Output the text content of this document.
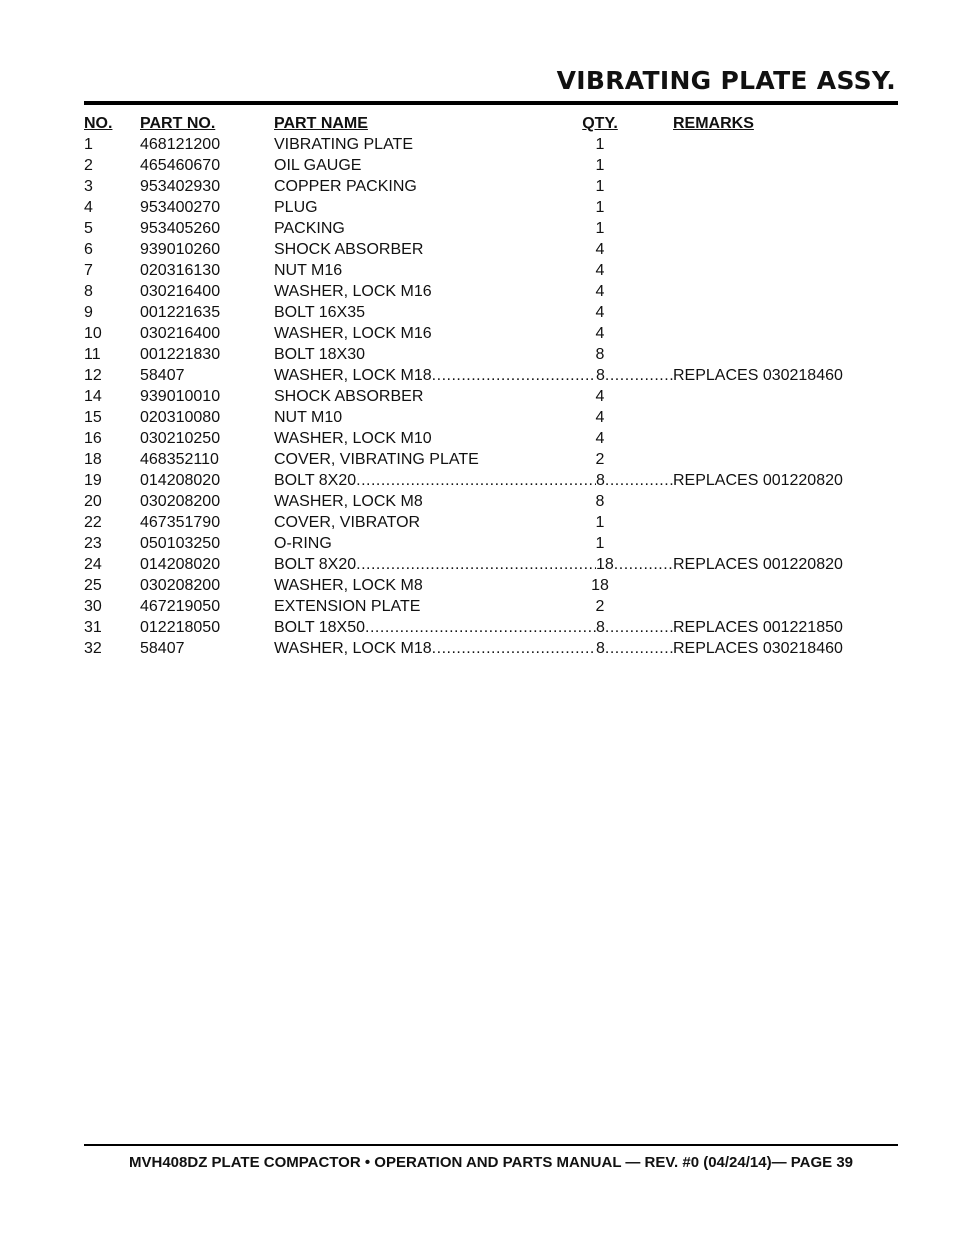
VIBRATING PLATE ASSY.
NO. PART NO.	PART NAME	QTY.	REMARKS
1	468121200	VIBRATING PLATE	1
2	465460670	OIL GAUGE	1
3	953402930	COPPER PACKING	1
4	953400270	PLUG	1
5	953405260	PACKING	1
6	939010260	SHOCK ABSORBER	4
7	020316130	NUT M16	4
8	030216400	WASHER, LOCK M16	4
9	001221635	BOLT 16X35	4
10 030216400	WASHER, LOCK M16	4
11 001221830	BOLT 18X30	8
12 58407	WASHER, LOCK M18 .....	8 .....	REPLACES 030218460
14 939010010	SHOCK ABSORBER	4
15 020310080	NUT M10	4
16 030210250	WASHER, LOCK M10	4
18 468352110	COVER, VIBRATING PLATE	2
19 014208020	BOLT 8X20 .....	8 .....	REPLACES 001220820
20 030208200	WASHER, LOCK M8	8
22 467351790	COVER, VIBRATOR	1
23 050103250	O-RING	1
24 014208020	BOLT 8X20 .....	18 .....	REPLACES 001220820
25 030208200	WASHER, LOCK M8	18
30 467219050	EXTENSION PLATE	2
31 012218050	BOLT 18X50 .....	8 .....	REPLACES 001221850
32 58407	WASHER, LOCK M18 .....	8 .....	REPLACES 030218460
MVH408DZ PLATE COMPACTOR • OPERATION AND PARTS MANUAL — REV. #0 (04/24/14)— PAGE 39
